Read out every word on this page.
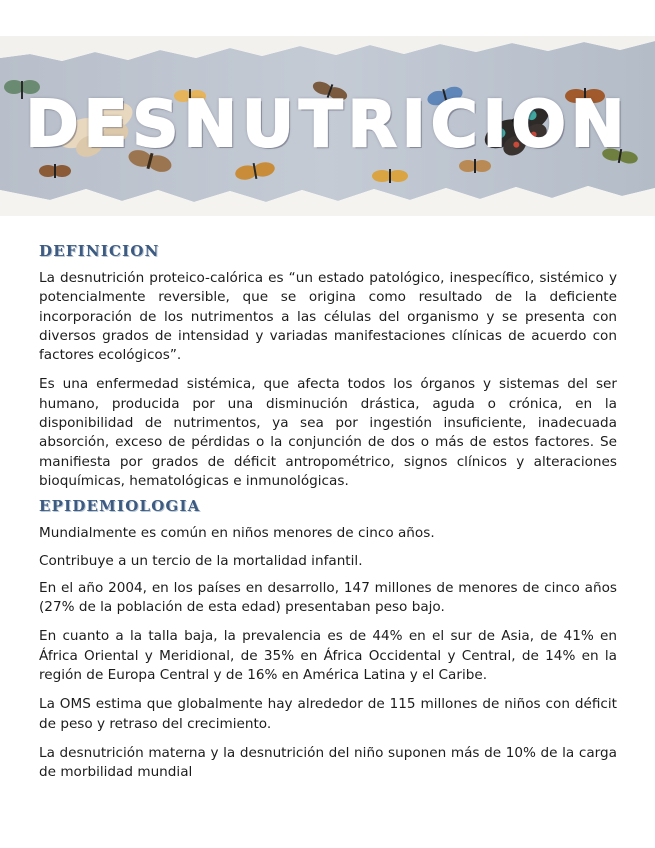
DESNUTRICION
DEFINICION

La desnutrición proteico-calórica es “un estado patológico, inespecífico, sistémico y potencialmente reversible, que se origina como resultado de la deficiente incorporación de los nutrimentos a las células del organismo y se presenta con diversos grados de intensidad y variadas manifestaciones clínicas de acuerdo con factores ecológicos”.

Es una enfermedad sistémica, que afecta todos los órganos y sistemas del ser humano, producida por una disminución drástica, aguda o crónica, en la disponibilidad de nutrimentos, ya sea por ingestión insuficiente, inadecuada absorción, exceso de pérdidas o la conjunción de dos o más de estos factores. Se manifiesta por grados de déficit antropométrico, signos clínicos y alteraciones bioquímicas, hematológicas e inmunológicas.

EPIDEMIOLOGIA

Mundialmente es común en niños menores de cinco años.

Contribuye a un tercio de la mortalidad infantil.

En el año 2004, en los países en desarrollo, 147 millones de menores de cinco años (27% de la población de esta edad) presentaban peso bajo.

En cuanto a la talla baja, la prevalencia es de 44% en el sur de Asia, de 41% en África Oriental y Meridional, de 35% en África Occidental y Central, de 14% en la región de Europa Central y de 16% en América Latina y el Caribe.

La OMS estima que globalmente hay alrededor de 115 millones de niños con déficit de peso y retraso del crecimiento.

La desnutrición materna y la desnutrición del niño suponen más de 10% de la carga de morbilidad mundial
